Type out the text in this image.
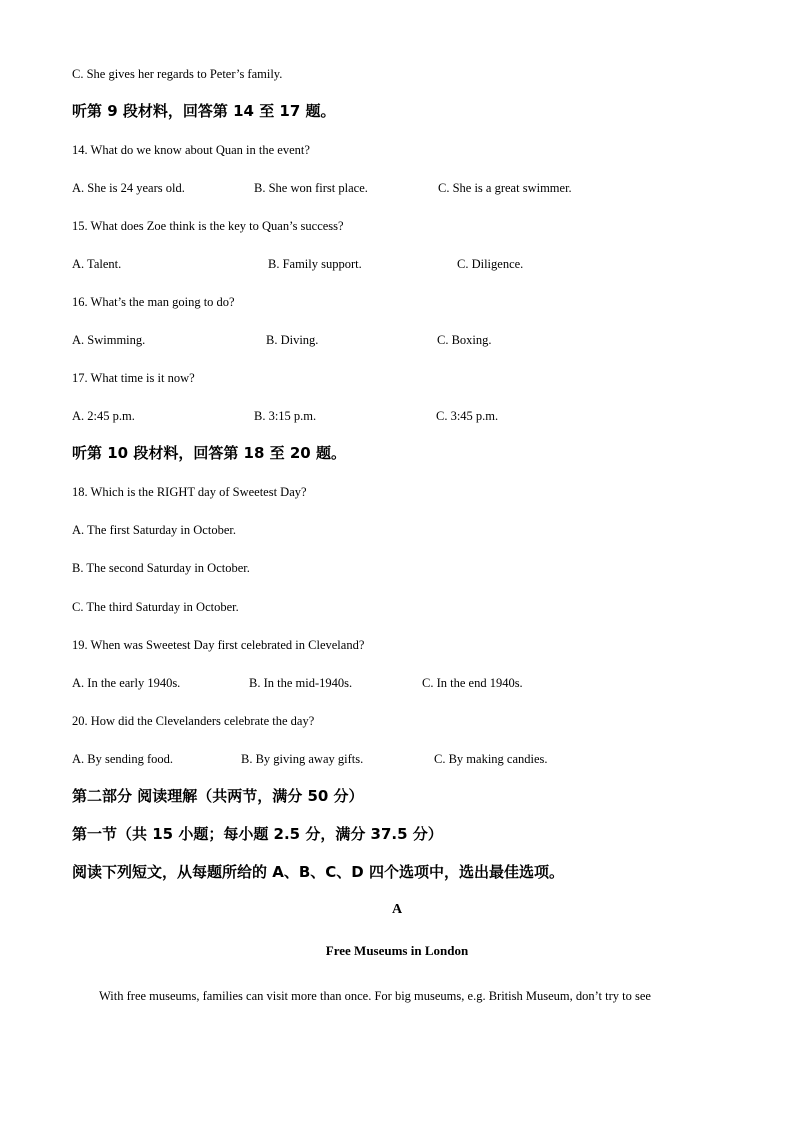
C. She gives her regards to Peter’s family.
听第 9 段材料，回答第 14 至 17 题。
14. What do we know about Quan in the event?
A. She is 24 years old.	B. She won first place.	C. She is a great swimmer.
15. What does Zoe think is the key to Quan’s success?
A. Talent.	B. Family support.	C. Diligence.
16. What’s the man going to do?
A. Swimming.	B. Diving.	C. Boxing.
17. What time is it now?
A. 2:45 p.m.	B. 3:15 p.m.	C. 3:45 p.m.
听第 10 段材料，回答第 18 至 20 题。
18. Which is the RIGHT day of Sweetest Day?
A. The first Saturday in October.
B. The second Saturday in October.
C. The third Saturday in October.
19. When was Sweetest Day first celebrated in Cleveland?
A. In the early 1940s.	B. In the mid-1940s.	C. In the end 1940s.
20. How did the Clevelanders celebrate the day?
A. By sending food.	B. By giving away gifts.	C. By making candies.
第二部分 阅读理解（共两节，满分 50 分）
第一节（共 15 小题；每小题 2.5 分，满分 37.5 分）
阅读下列短文，从每题所给的 A、B、C、D 四个选项中，选出最佳选项。
A
Free Museums in London
With free museums, families can visit more than once. For big museums, e.g. British Museum, don’t try to see
